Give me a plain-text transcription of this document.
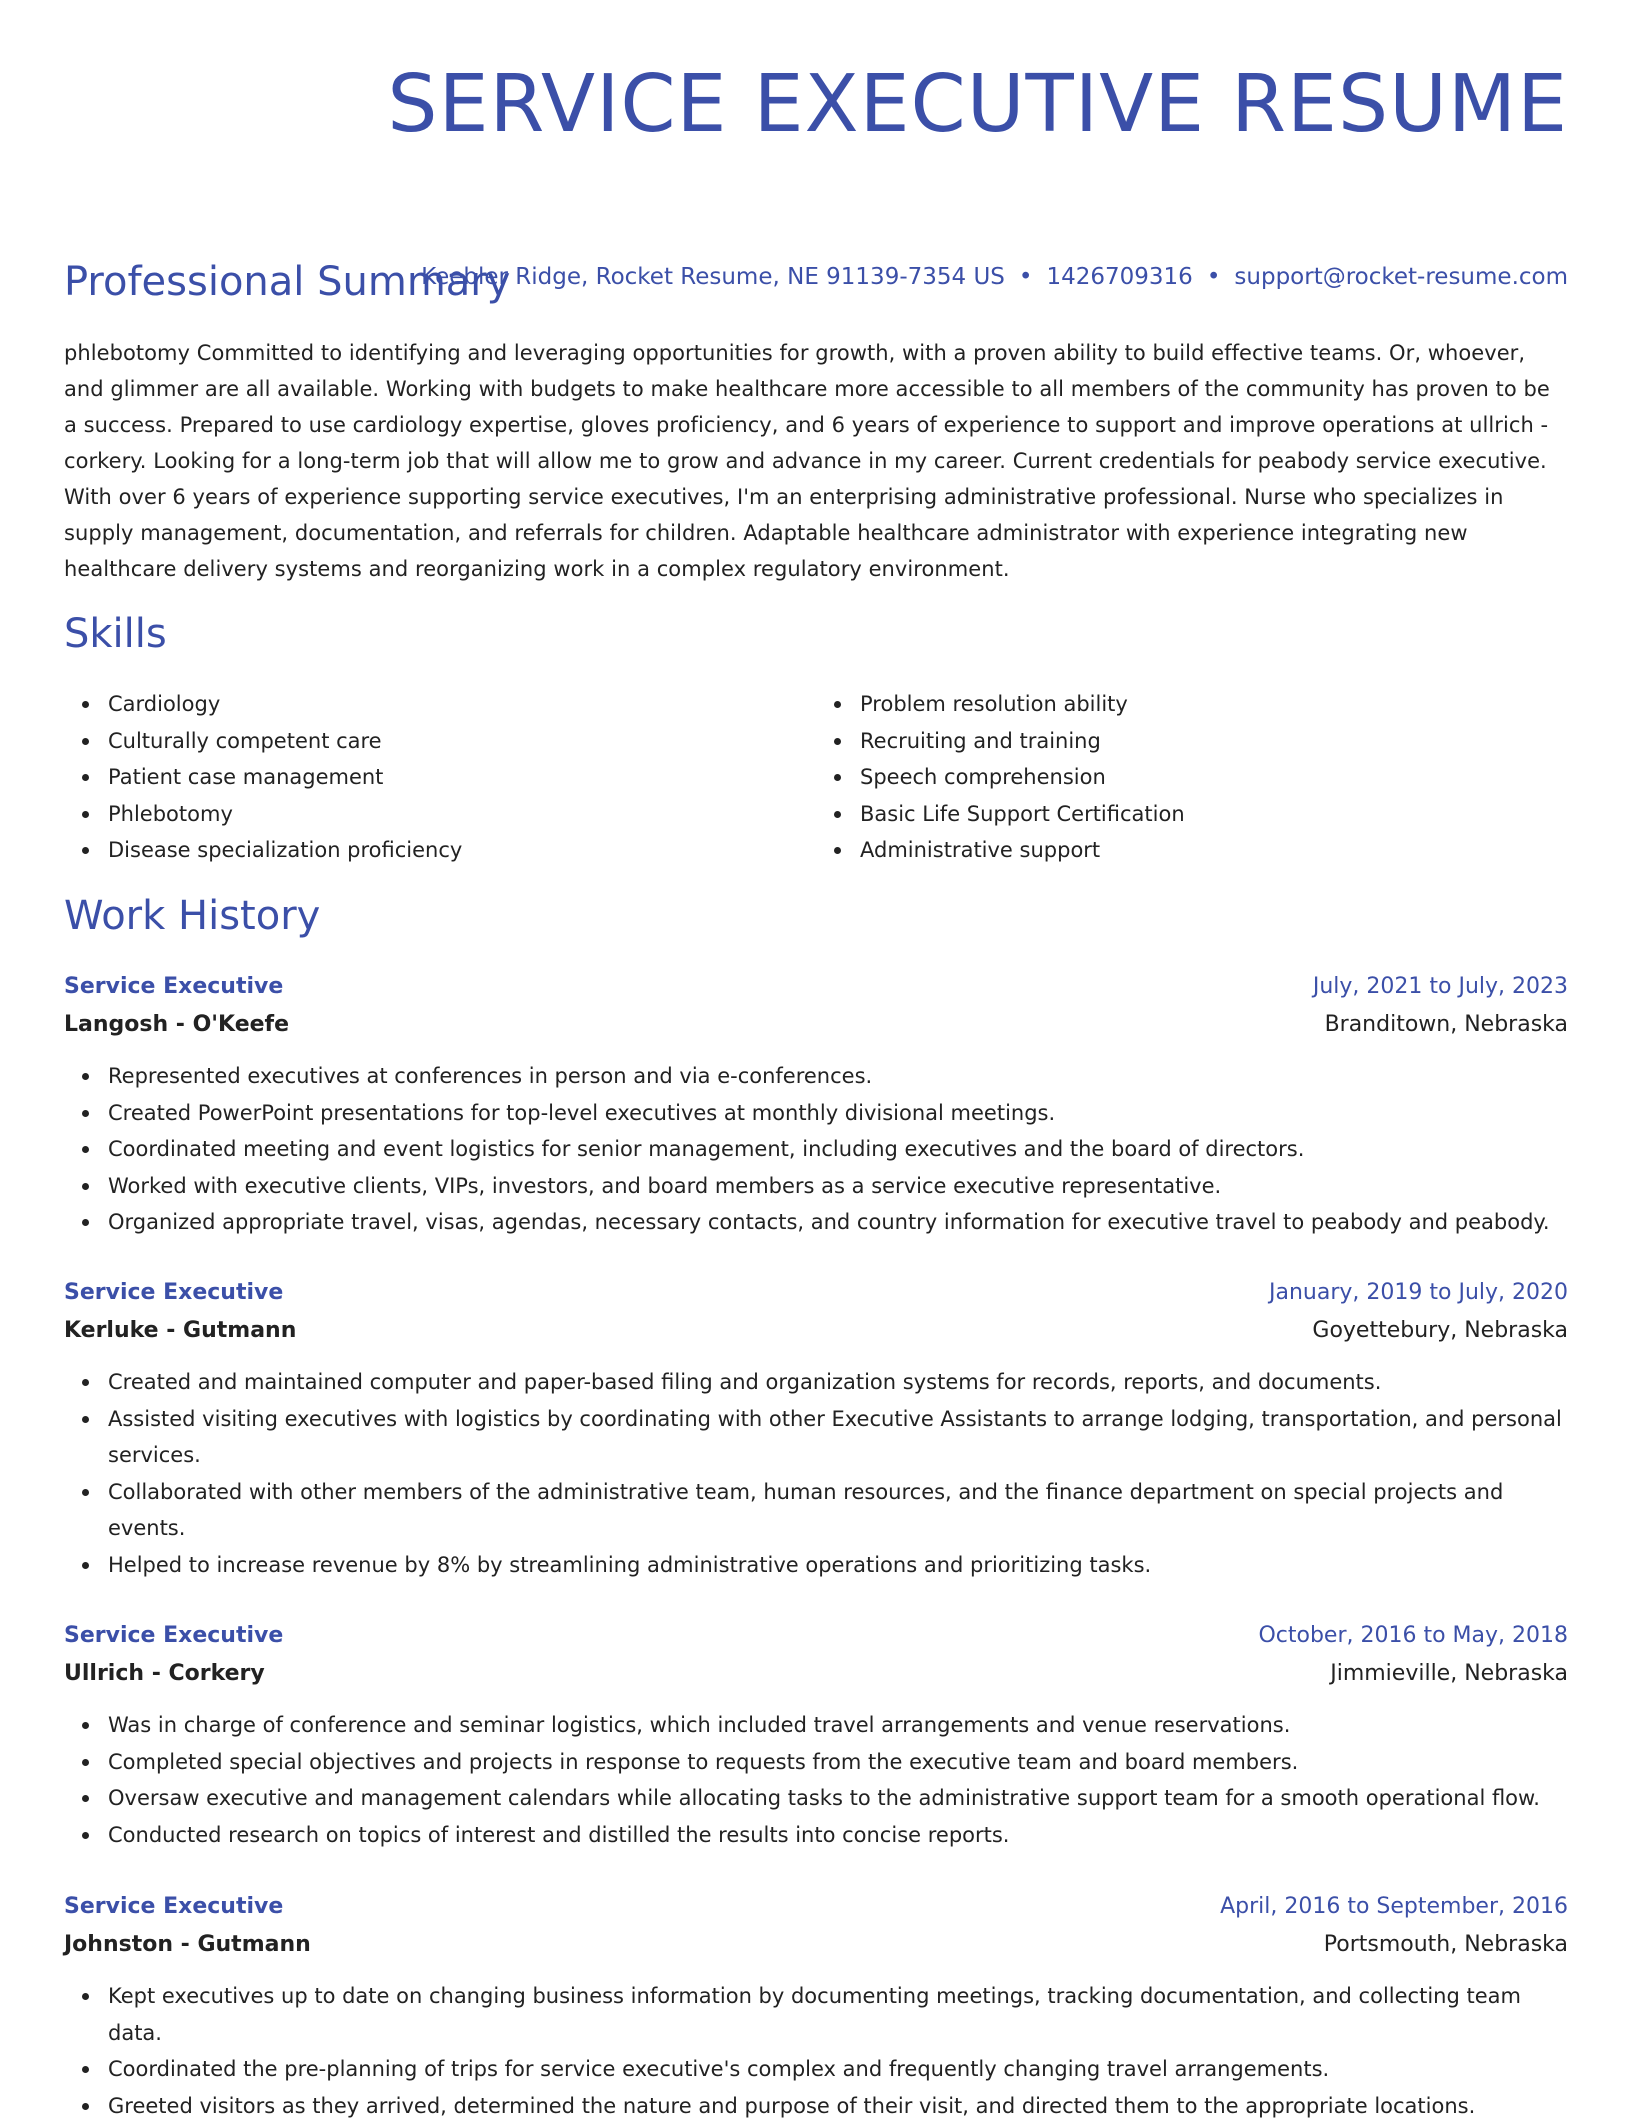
SERVICE EXECUTIVE RESUME
Keebler Ridge, Rocket Resume, NE 91139-7354 US • 1426709316 • support@rocket-resume.com
Professional Summary

phlebotomy Committed to identifying and leveraging opportunities for growth, with a proven ability to build effective teams. Or, whoever, and glimmer are all available. Working with budgets to make healthcare more accessible to all members of the community has proven to be a success. Prepared to use cardiology expertise, gloves proficiency, and 6 years of experience to support and improve operations at ullrich - corkery. Looking for a long-term job that will allow me to grow and advance in my career. Current credentials for peabody service executive. With over 6 years of experience supporting service executives, I'm an enterprising administrative professional. Nurse who specializes in supply management, documentation, and referrals for children. Adaptable healthcare administrator with experience integrating new healthcare delivery systems and reorganizing work in a complex regulatory environment.

Skills
Cardiology
Culturally competent care
Patient case management
Phlebotomy
Disease specialization proficiency
Problem resolution ability
Recruiting and training
Speech comprehension
Basic Life Support Certification
Administrative support
Work History
Service Executive	July, 2021 to July, 2023
Langosh - O'Keefe	Branditown, Nebraska
Represented executives at conferences in person and via e-conferences.
Created PowerPoint presentations for top-level executives at monthly divisional meetings.
Coordinated meeting and event logistics for senior management, including executives and the board of directors.
Worked with executive clients, VIPs, investors, and board members as a service executive representative.
Organized appropriate travel, visas, agendas, necessary contacts, and country information for executive travel to peabody and peabody.
Service Executive	January, 2019 to July, 2020
Kerluke - Gutmann	Goyettebury, Nebraska
Created and maintained computer and paper-based filing and organization systems for records, reports, and documents.
Assisted visiting executives with logistics by coordinating with other Executive Assistants to arrange lodging, transportation, and personal services.
Collaborated with other members of the administrative team, human resources, and the finance department on special projects and events.
Helped to increase revenue by 8% by streamlining administrative operations and prioritizing tasks.
Service Executive	October, 2016 to May, 2018
Ullrich - Corkery	Jimmieville, Nebraska
Was in charge of conference and seminar logistics, which included travel arrangements and venue reservations.
Completed special objectives and projects in response to requests from the executive team and board members.
Oversaw executive and management calendars while allocating tasks to the administrative support team for a smooth operational flow.
Conducted research on topics of interest and distilled the results into concise reports.
Service Executive	April, 2016 to September, 2016
Johnston - Gutmann	Portsmouth, Nebraska
Kept executives up to date on changing business information by documenting meetings, tracking documentation, and collecting team data.
Coordinated the pre-planning of trips for service executive's complex and frequently changing travel arrangements.
Greeted visitors as they arrived, determined the nature and purpose of their visit, and directed them to the appropriate locations.
